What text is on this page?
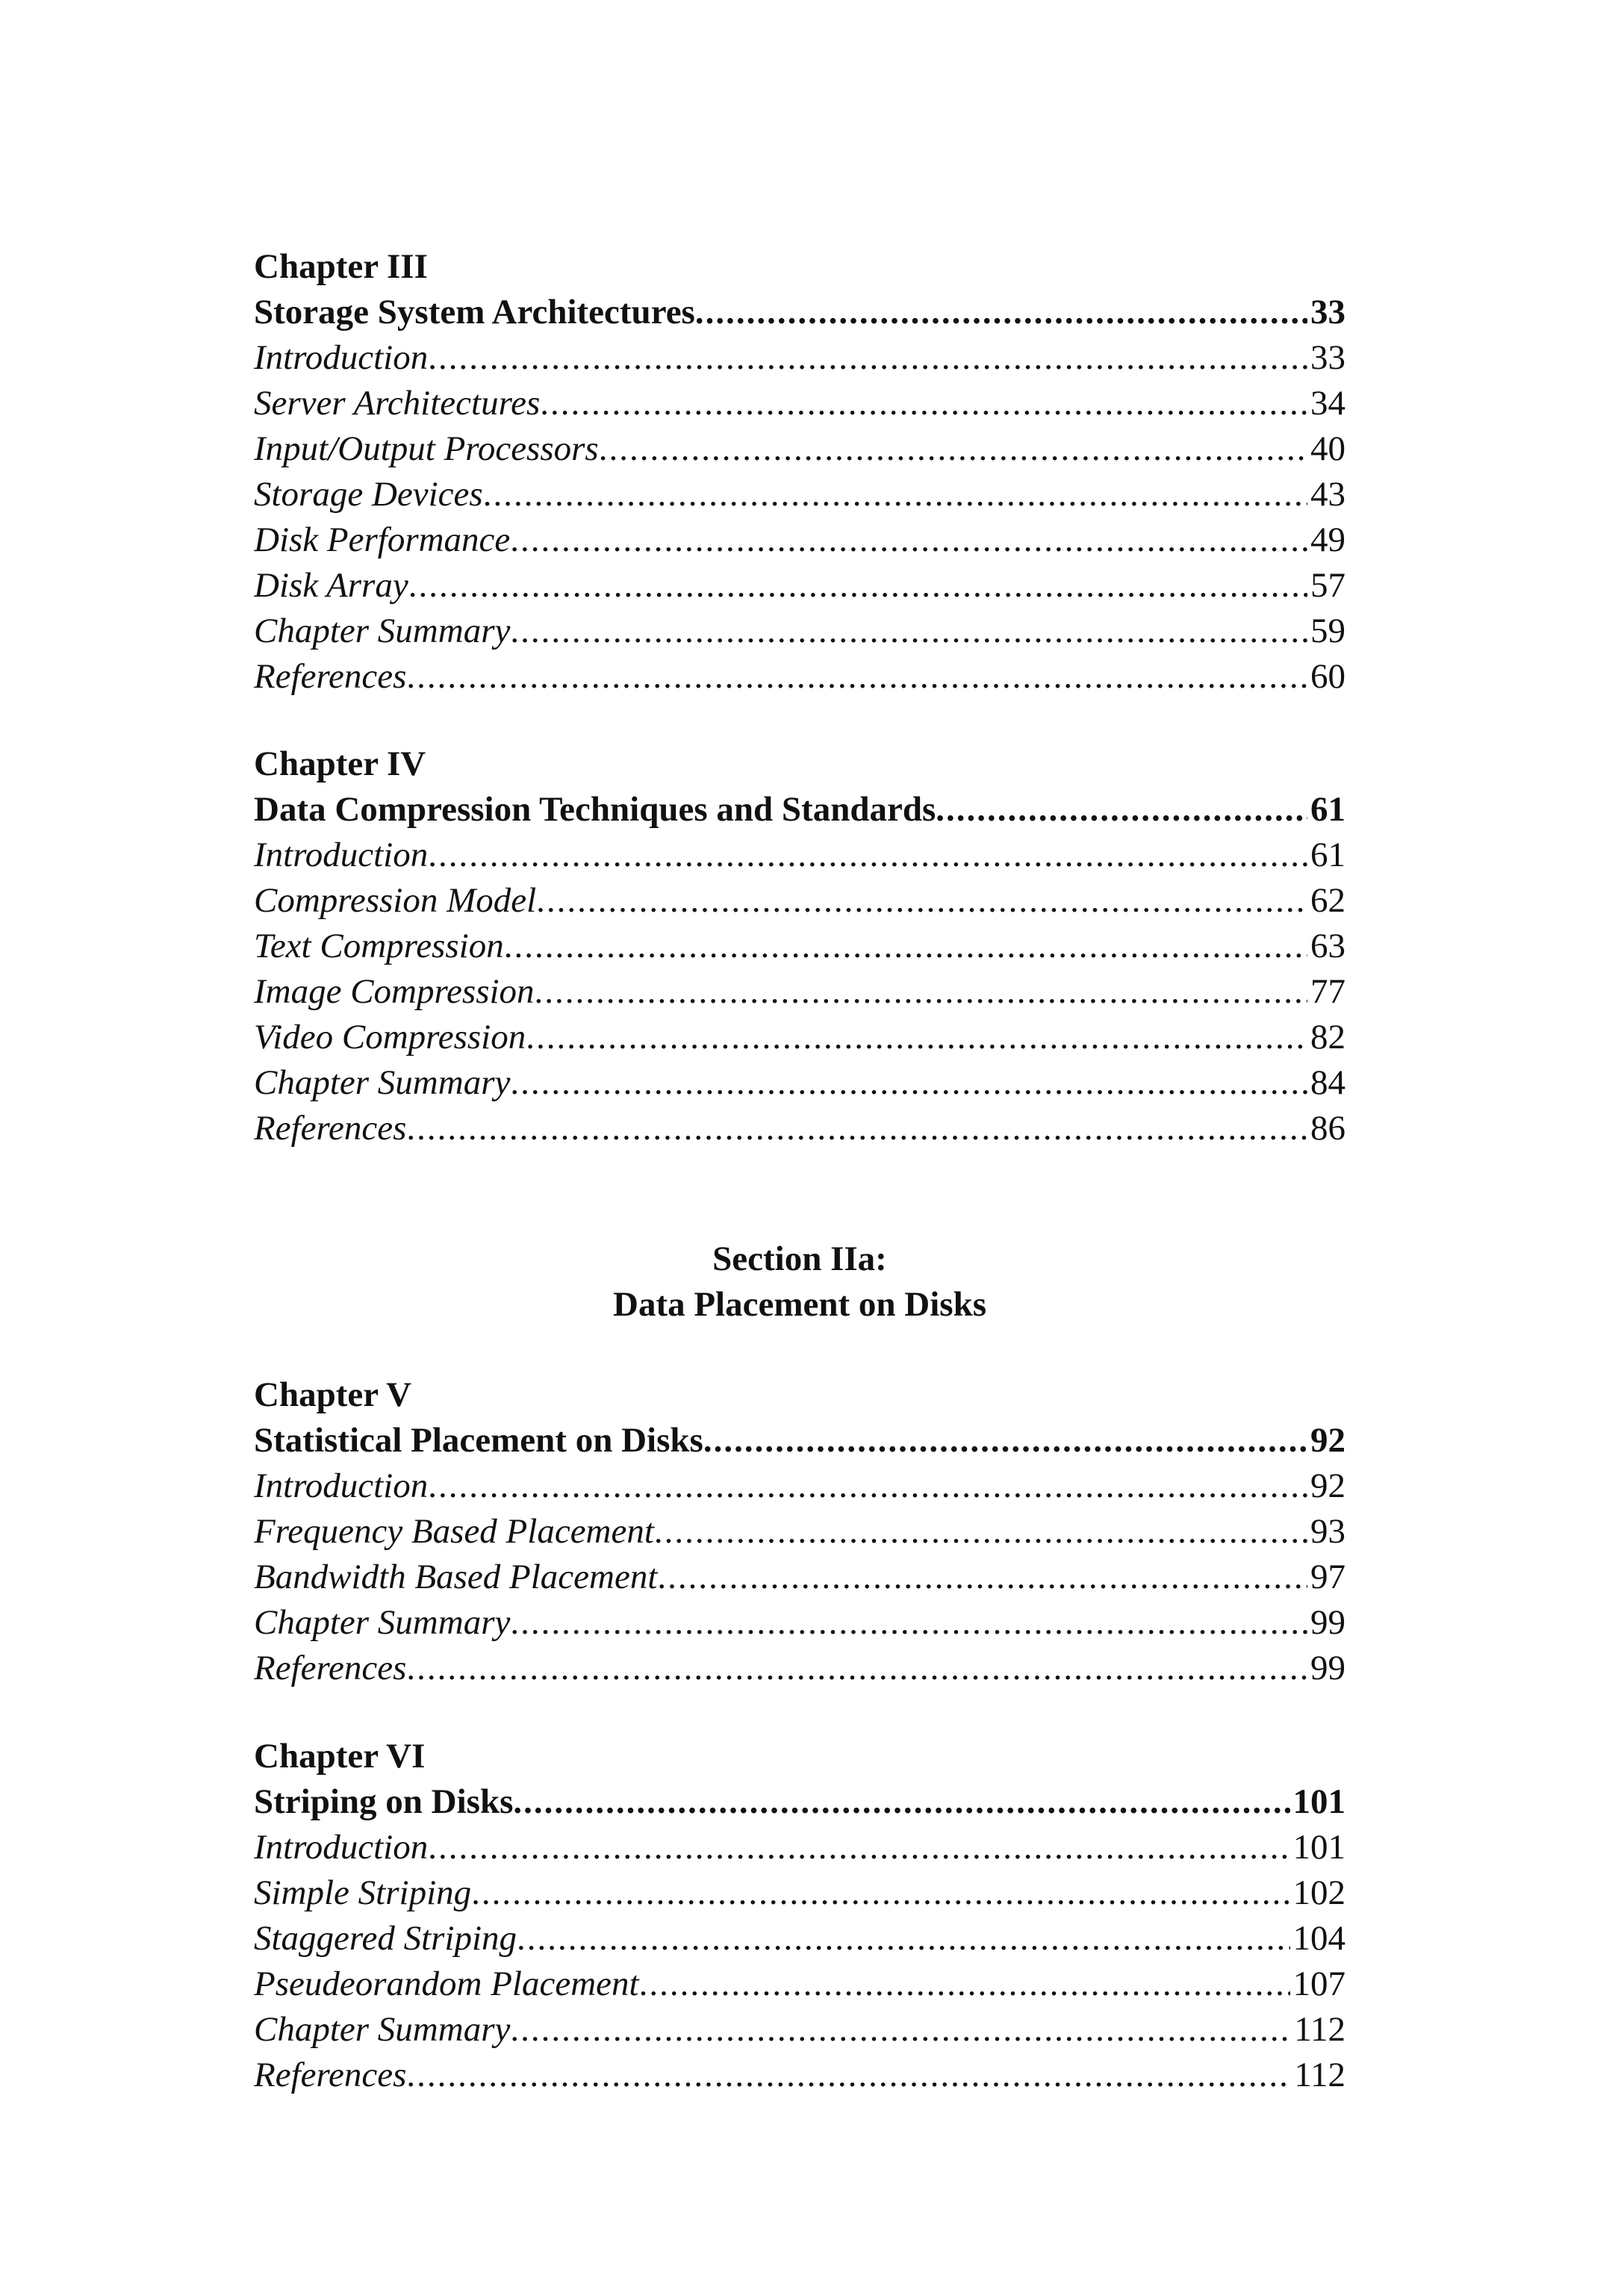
Chapter III
Storage System Architectures .....	33
Introduction .....	33
Server Architectures .....	34
Input/Output Processors .....	40
Storage Devices .....	43
Disk Performance .....	49
Disk Array .....	57
Chapter Summary .....	59
References .....	60
Chapter IV
Data Compression Techniques and Standards .....	61
Introduction .....	61
Compression Model .....	62
Text Compression .....	63
Image Compression .....	77
Video Compression .....	82
Chapter Summary .....	84
References .....	86
Section IIa:
Data Placement on Disks
Chapter V
Statistical Placement on Disks .....	92
Introduction .....	92
Frequency Based Placement .....	93
Bandwidth Based Placement .....	97
Chapter Summary .....	99
References .....	99
Chapter VI
Striping on Disks .....	101
Introduction .....	101
Simple Striping .....	102
Staggered Striping .....	104
Pseudeorandom Placement .....	107
Chapter Summary .....	112
References .....	112
